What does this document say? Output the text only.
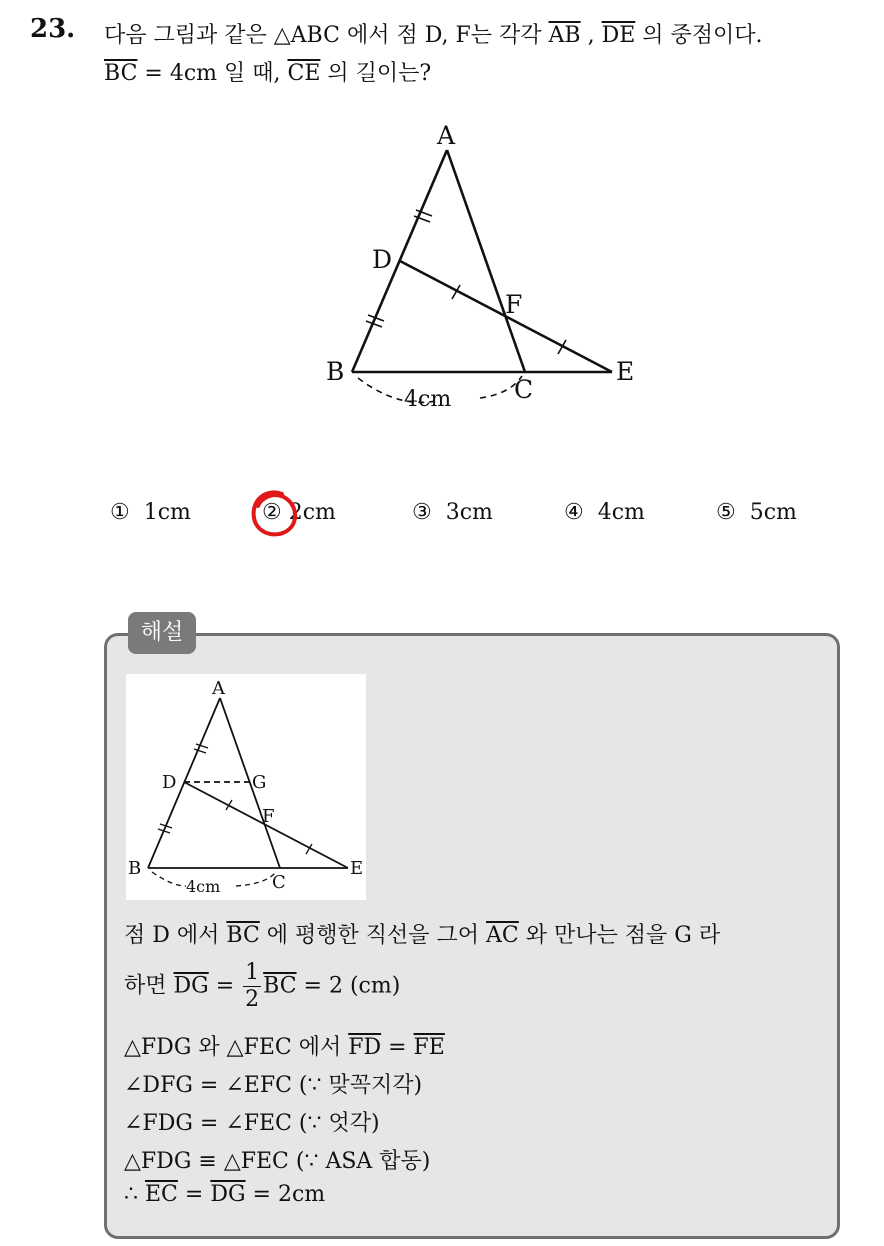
23. 다음 그림과 같은 △ABC 에서 점 D, F는 각각 $\overline{AB}$ , $\overline{DE}$ 의 중점이다.
$\overline{BC} = 4cm$ 일 때, $\overline{CE}$ 의 길이는?
A
D
F
B
C
E
4cm
① 1cm	② 2cm	③ 3cm	④ 4cm	⑤ 5cm
해설
A
D	G
F
B
C
E
4cm
점 D 에서 $\overline{BC}$ 에 평행한 직선을 그어 $\overline{AC}$ 와 만나는 점을 G 라
하면 $\overline{DG} = \frac{1}{2} \overline{BC} = 2$ (cm)
△FDG 와 △FEC 에서 $\overline{FD} = \overline{FE}$
∠DFG = ∠EFC (∵ 맞꼭지각)
∠FDG = ∠FEC (∵ 엇각)
△FDG ≡ △FEC (∵ ASA 합동)
∴ $\overline{EC} = \overline{DG} = 2cm$
